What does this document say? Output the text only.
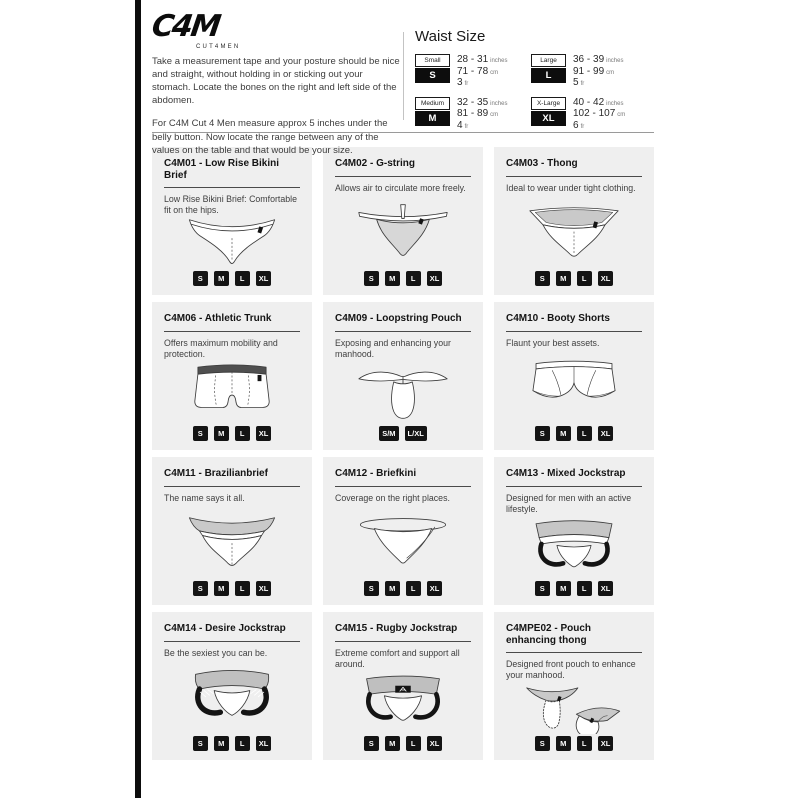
C4M
CUT4MEN

Take a measurement tape and your posture should be nice and straight, without holding in or sticking out your stomach. Locate the bones on the right and left side of the abdomen.

For C4M Cut 4 Men measure approx 5 inches under the belly button. Now locate the range between any of the values on the table and that would be your size.

Waist Size
Small
S
28 - 31 inches
71 - 78 cm
3 fr
Large
L
36 - 39 inches
91 - 99 cm
5 fr
Medium
M
32 - 35 inches
81 - 89 cm
4 fr
X-Large
XL
40 - 42 inches
102 - 107 cm
6 fr
C4M01 - Low Rise Bikini Brief

Low Rise Bikini Brief: Comfortable fit on the hips.

S	M	L	XL
C4M02 - G-string

Allows air to circulate more freely.

S	M	L	XL
C4M03 - Thong

Ideal to wear under tight clothing.

S	M	L	XL
C4M06 - Athletic Trunk

Offers maximum mobility and protection.

S	M	L	XL
C4M09 - Loopstring Pouch

Exposing and enhancing your manhood.

S/M	L/XL
C4M10 - Booty Shorts

Flaunt your best assets.

S	M	L	XL
C4M11 - Brazilianbrief

The name says it all.

S	M	L	XL
C4M12 - Briefkini

Coverage on the right places.

S	M	L	XL
C4M13 - Mixed Jockstrap

Designed for men with an active lifestyle.

S	M	L	XL
C4M14 - Desire Jockstrap

Be the sexiest you can be.

S	M	L	XL
C4M15 - Rugby Jockstrap

Extreme comfort and support all around.

S	M	L	XL
C4MPE02 - Pouch enhancing thong

Designed front pouch to enhance your manhood.

S	M	L	XL
